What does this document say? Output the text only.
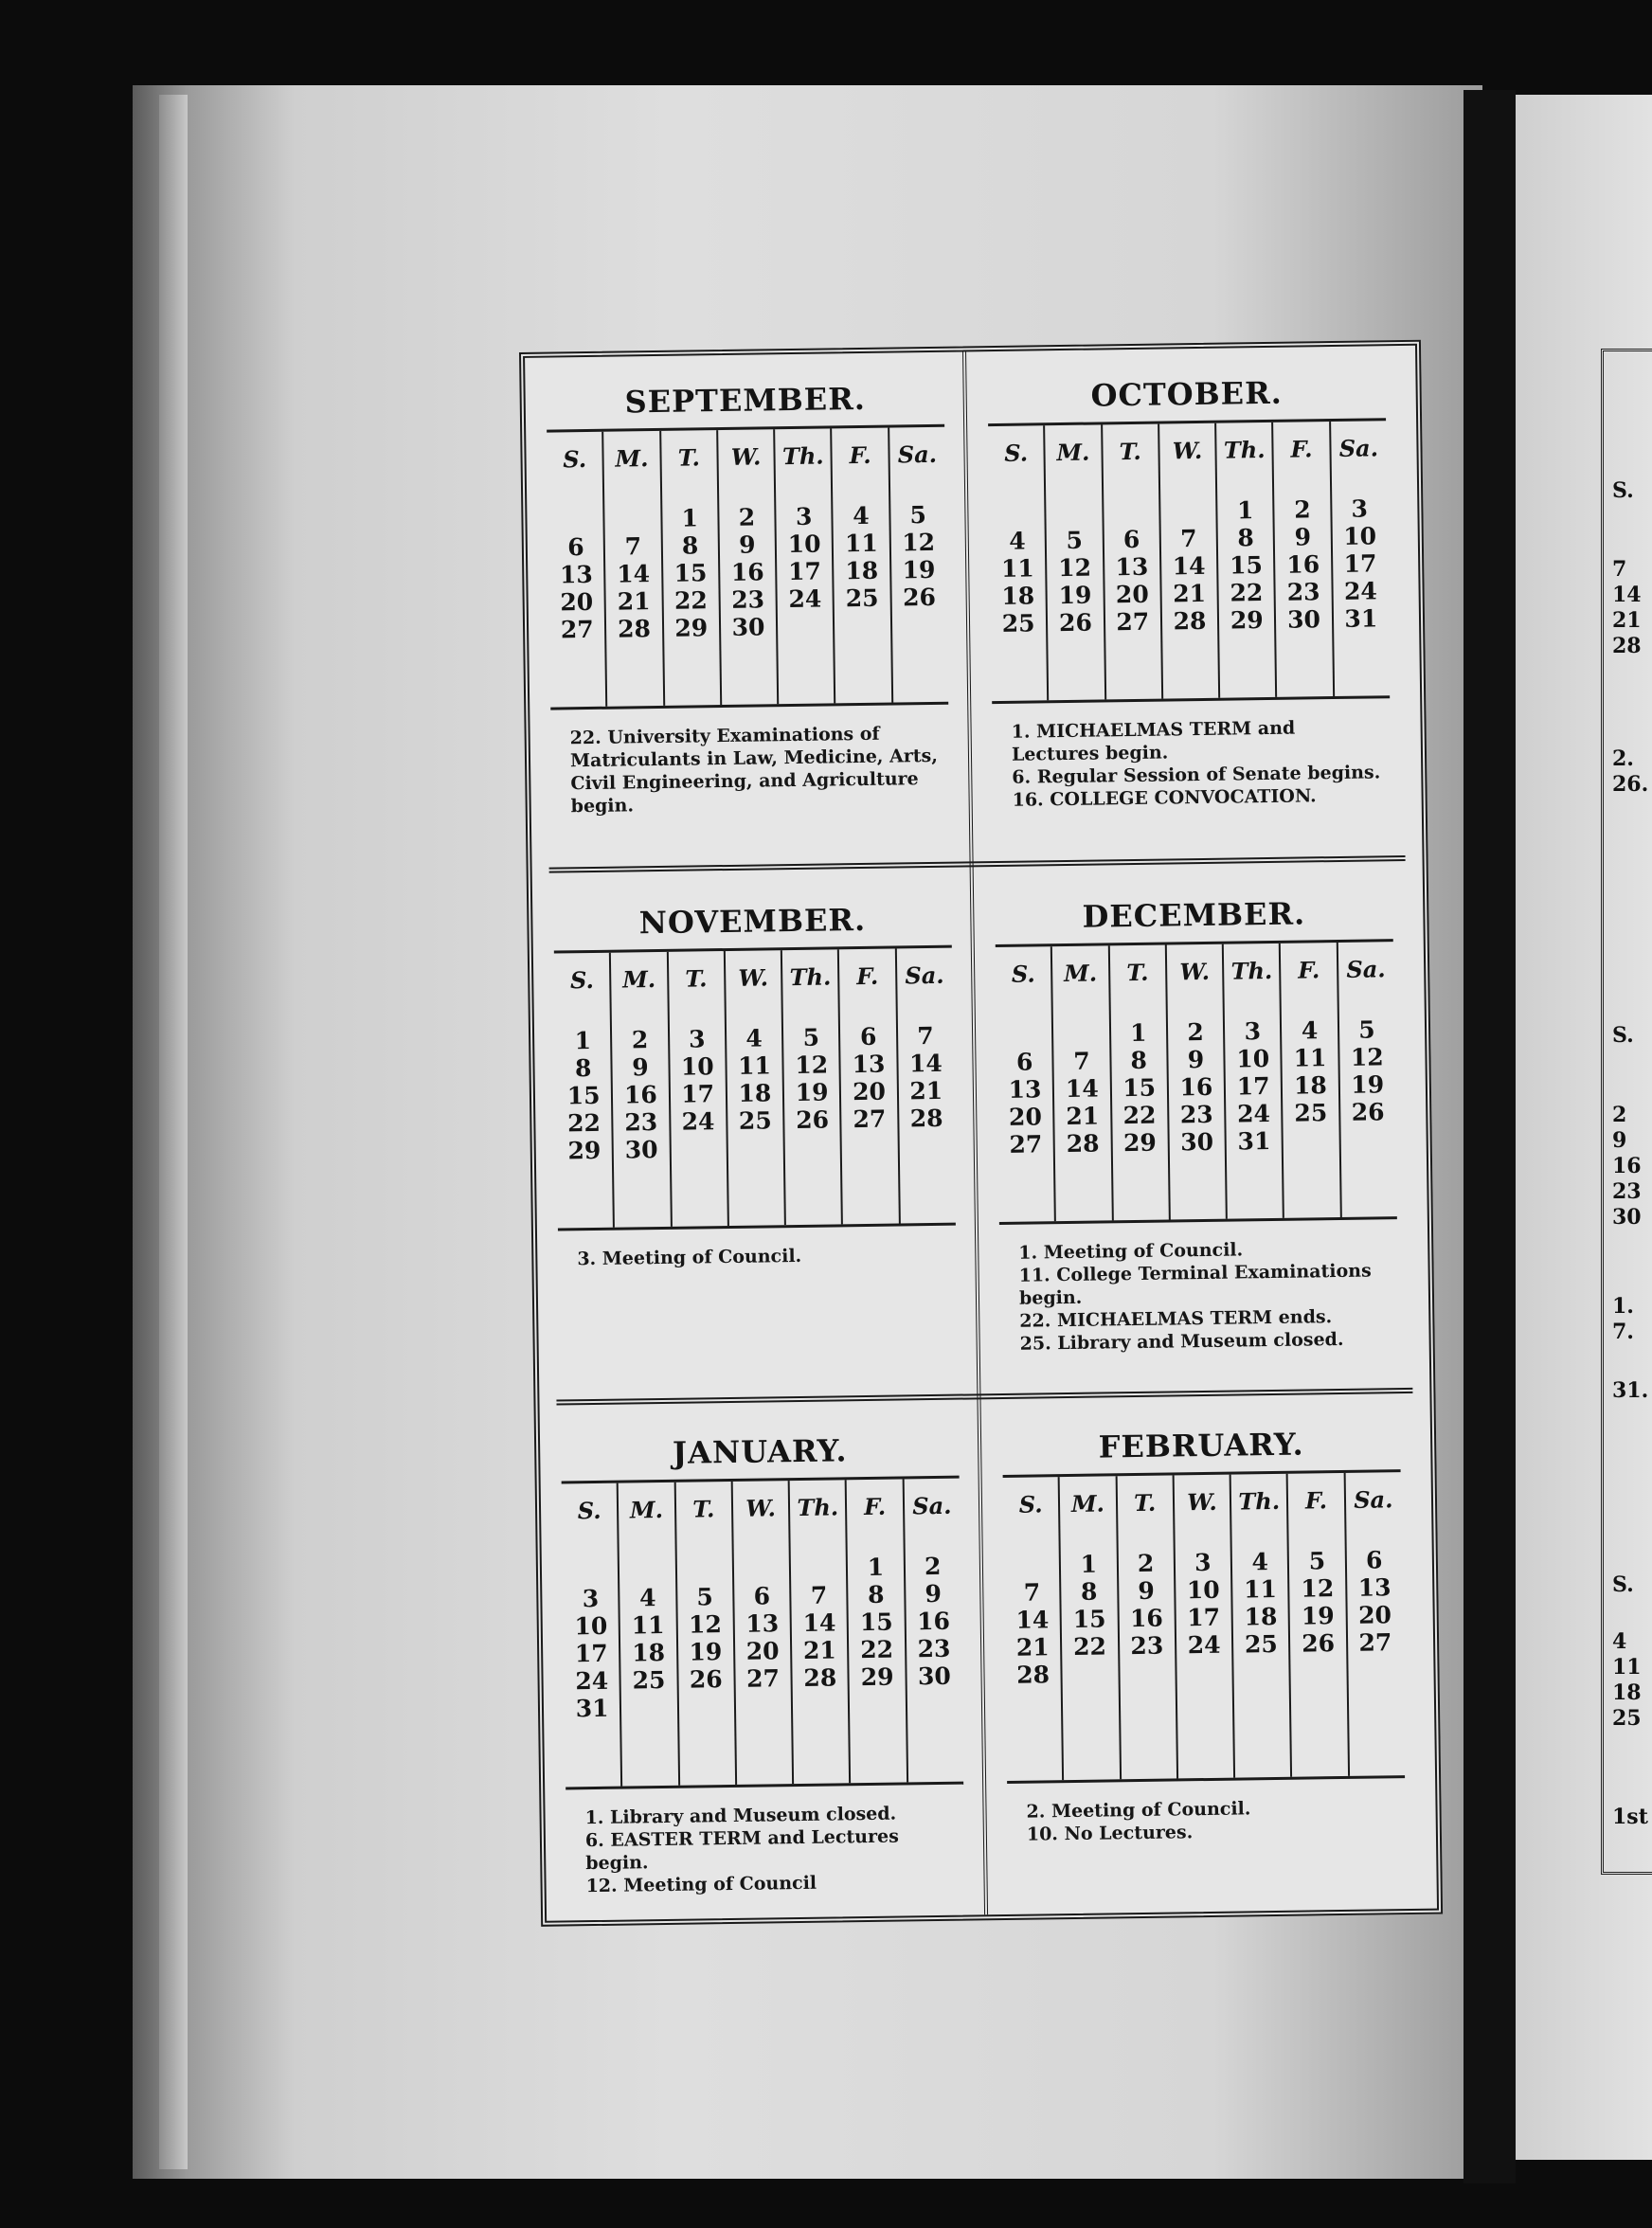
SEPTEMBER.
S.
6
13
20
27
M.
7
14
21
28
T.
1
8
15
22
29
W.
2
9
16
23
30
Th.
3
10
17
24
F.
4
11
18
25
Sa.
5
12
19
26
22. University Examinations of Matriculants in Law, Medicine, Arts, Civil Engineering, and Agriculture begin.
OCTOBER.
S.
4
11
18
25
M.
5
12
19
26
T.
6
13
20
27
W.
7
14
21
28
Th.
1
8
15
22
29
F.
2
9
16
23
30
Sa.
3
10
17
24
31
1. MICHAELMAS TERM and Lectures begin.
6. Regular Session of Senate begins.
16. COLLEGE CONVOCATION.
NOVEMBER.
S.
1
8
15
22
29
M.
2
9
16
23
30
T.
3
10
17
24
W.
4
11
18
25
Th.
5
12
19
26
F.
6
13
20
27
Sa.
7
14
21
28
3. Meeting of Council.
DECEMBER.
S.
6
13
20
27
M.
7
14
21
28
T.
1
8
15
22
29
W.
2
9
16
23
30
Th.
3
10
17
24
31
F.
4
11
18
25
Sa.
5
12
19
26
1. Meeting of Council.
11. College Terminal Examinations begin.
22. MICHAELMAS TERM ends.
25. Library and Museum closed.
JANUARY.
S.
3
10
17
24
31
M.
4
11
18
25
T.
5
12
19
26
W.
6
13
20
27
Th.
7
14
21
28
F.
1
8
15
22
29
Sa.
2
9
16
23
30
1. Library and Museum closed.
6. EASTER TERM and Lectures begin.
12. Meeting of Council
FEBRUARY.
S.
7
14
21
28
M.
1
8
15
22
T.
2
9
16
23
W.
3
10
17
24
Th.
4
11
18
25
F.
5
12
19
26
Sa.
6
13
20
27
2. Meeting of Council.
10. No Lectures.
S.
7
14
21
28
2.
26.
S.
2
9
16
23
30
1.
7.
31.
S.
4
11
18
25
1st
